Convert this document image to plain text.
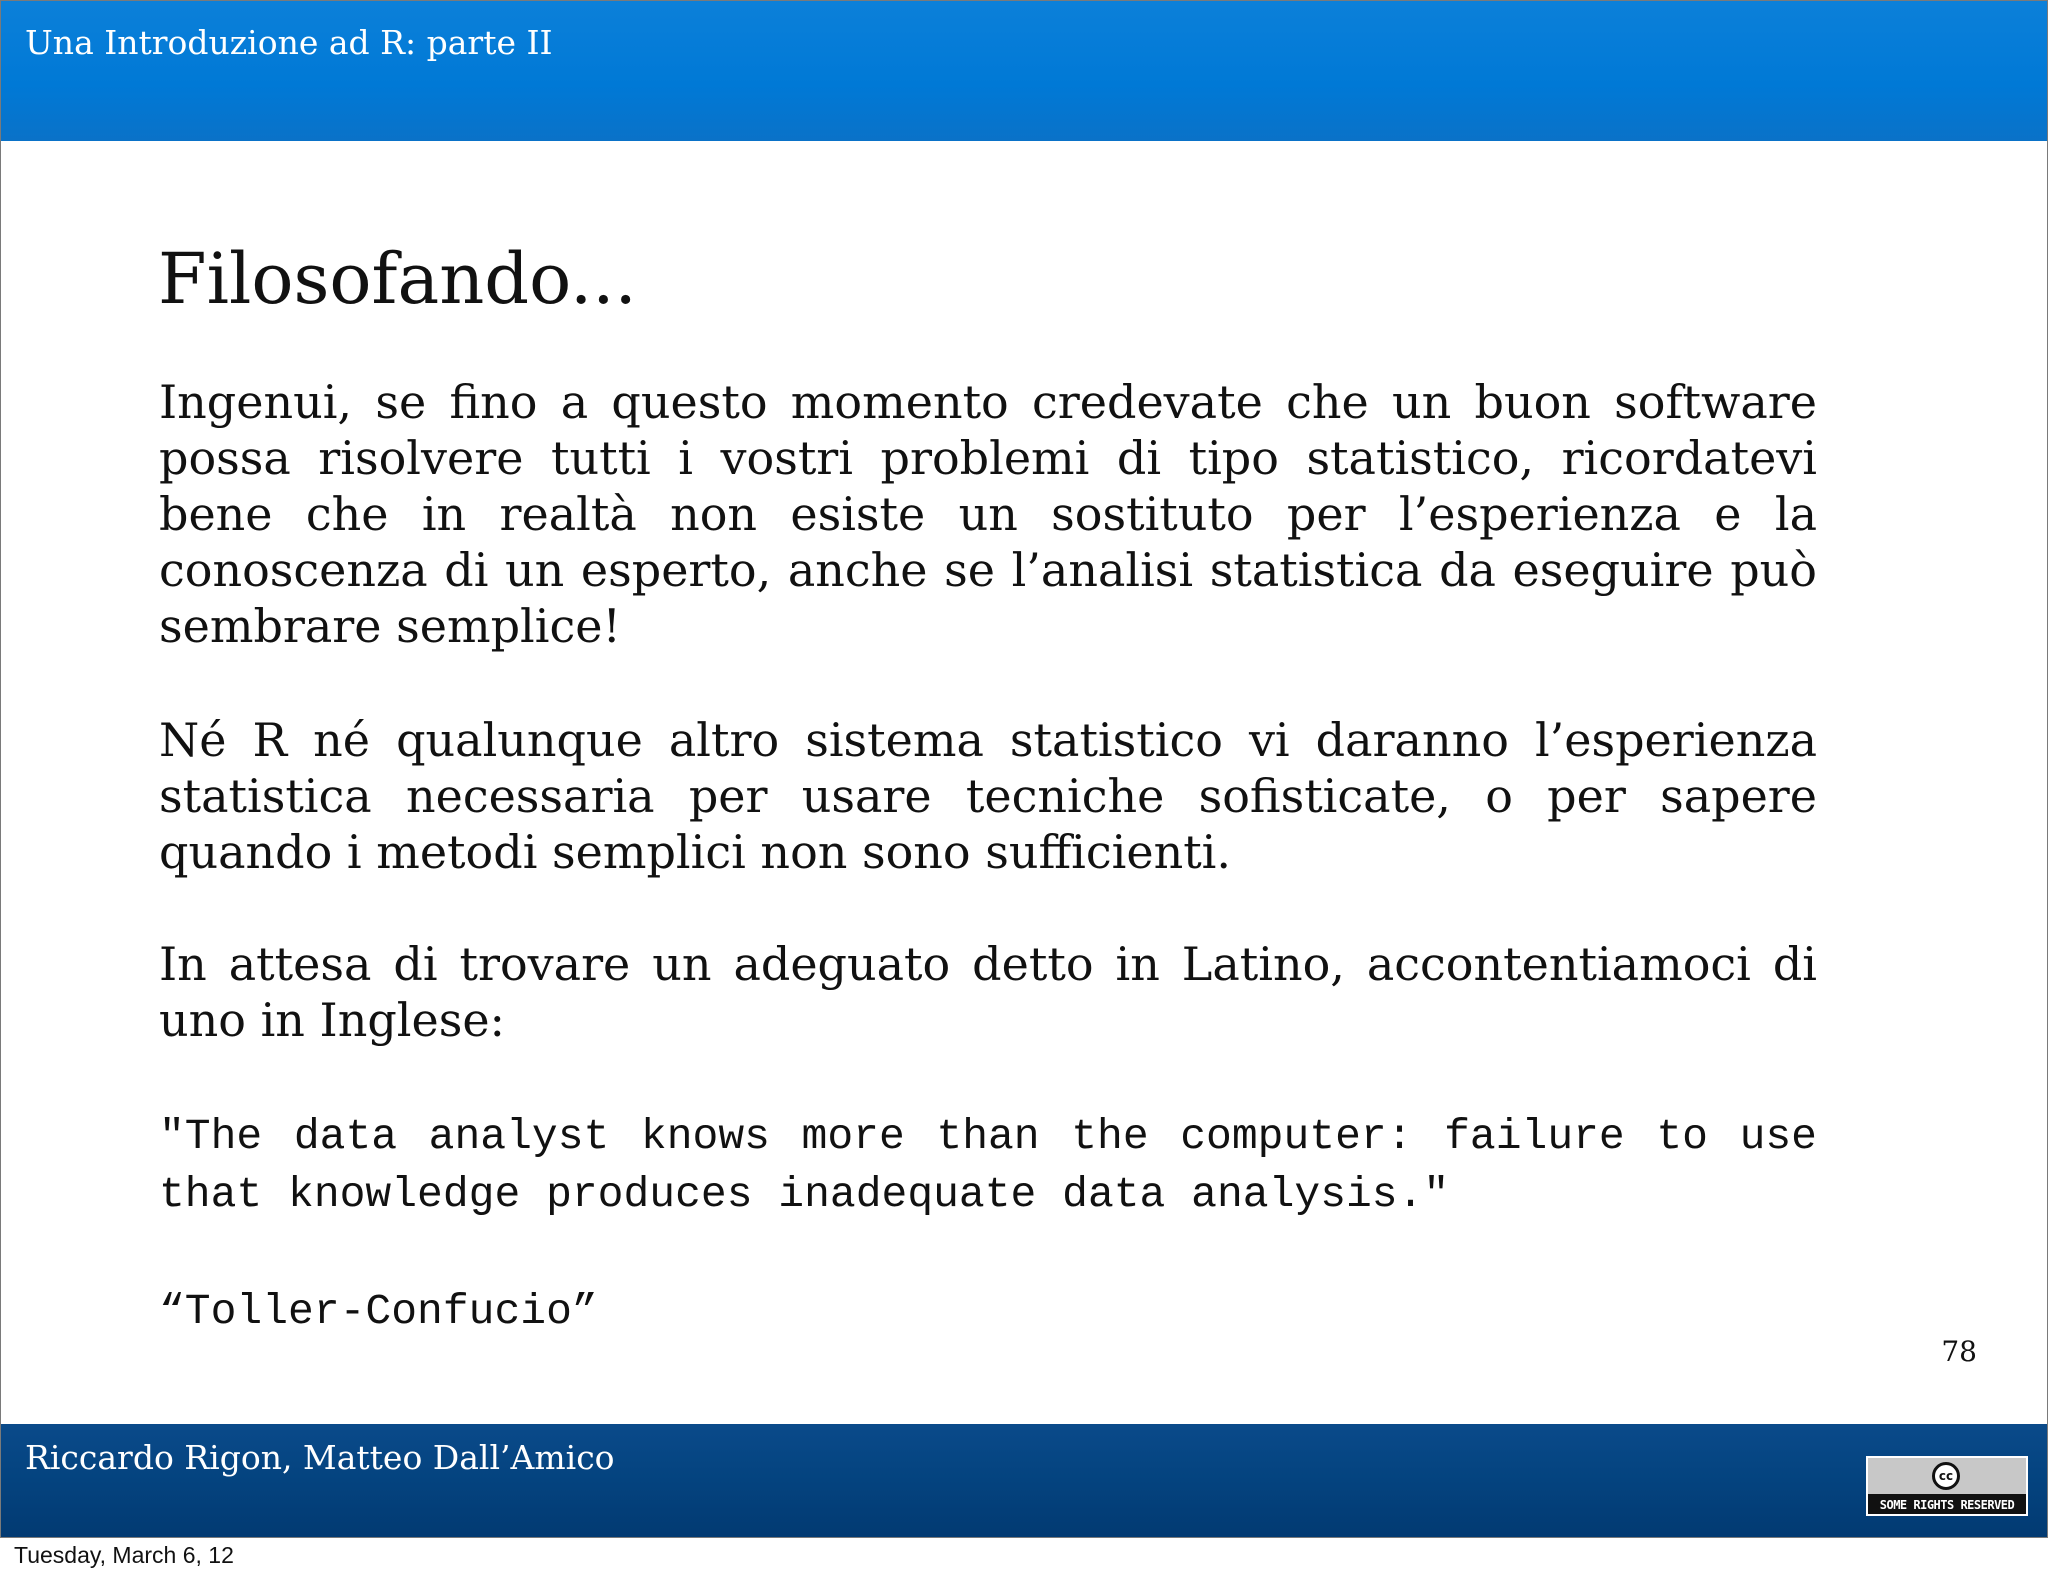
Una Introduzione ad R: parte II
Filosofando...

Ingenui, se fino a questo momento credevate che un buon software possa risolvere tutti i vostri problemi di tipo statistico, ricordatevi bene che in realtà non esiste un sostituto per l’esperienza e la conoscenza di un esperto, anche se l’analisi statistica da eseguire può sembrare semplice!

Né R né qualunque altro sistema statistico vi daranno l’esperienza statistica necessaria per usare tecniche sofisticate, o per sapere quando i metodi semplici non sono sufficienti.

In attesa di trovare un adeguato detto in Latino, accontentiamoci di uno in Inglese:

"The data analyst knows more than the computer: failure to use that knowledge produces inadequate data analysis."

“Toller-Confucio”
78
Riccardo Rigon, Matteo Dall’Amico	cc
SOME RIGHTS RESERVED
Tuesday, March 6, 12
